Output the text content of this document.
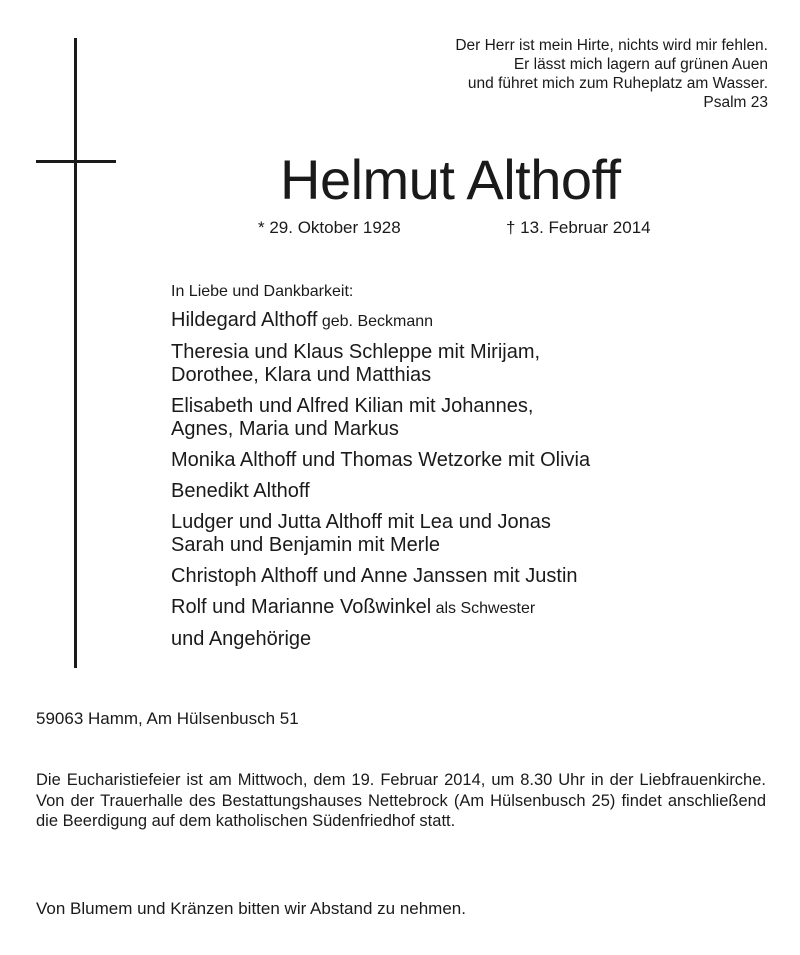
Der Herr ist mein Hirte, nichts wird mir fehlen.
Er lässt mich lagern auf grünen Auen
und führet mich zum Ruheplatz am Wasser.
Psalm 23
Helmut Althoff
* 29. Oktober 1928	† 13. Februar 2014
In Liebe und Dankbarkeit:
Hildegard Althoff geb. Beckmann
Theresia und Klaus Schleppe mit Mirijam,
Dorothee, Klara und Matthias
Elisabeth und Alfred Kilian mit Johannes,
Agnes, Maria und Markus
Monika Althoff und Thomas Wetzorke mit Olivia
Benedikt Althoff
Ludger und Jutta Althoff mit Lea und Jonas
Sarah und Benjamin mit Merle
Christoph Althoff und Anne Janssen mit Justin
Rolf und Marianne Voßwinkel als Schwester
und Angehörige
59063 Hamm, Am Hülsenbusch 51
Die Eucharistiefeier ist am Mittwoch, dem 19. Februar 2014, um 8.30 Uhr in der Liebfrauenkirche. Von der Trauerhalle des Bestattungshauses Nettebrock (Am Hülsenbusch 25) findet anschließend die Beerdigung auf dem katholischen Südenfriedhof statt.
Von Blumem und Kränzen bitten wir Abstand zu nehmen.
